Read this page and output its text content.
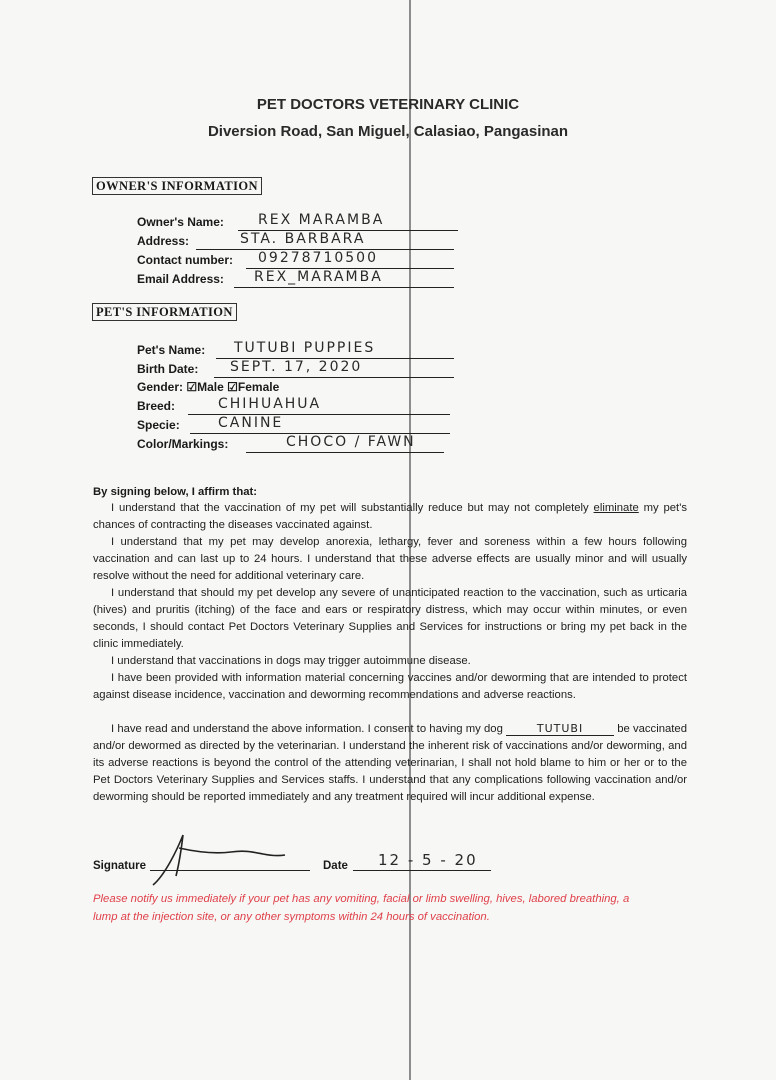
PET DOCTORS VETERINARY CLINIC
Diversion Road, San Miguel, Calasiao, Pangasinan
OWNER'S INFORMATION
Owner's Name: REX MARAMBA
Address:	STA. BARBARA
Contact number: 09278710500
Email Address: REX_MARAMBA
PET'S INFORMATION
Pet's Name: TUTUBI PUPPIES
Birth Date: SEPT. 17, 2020
Gender: ☑Male ☑Female
Breed:	CHIHUAHUA
Specie:	CANINE
Color/Markings:	CHOCO / FAWN
By signing below, I affirm that:
I understand that the vaccination of my pet will substantially reduce but may not completely eliminate my pet's chances of contracting the diseases vaccinated against.
I understand that my pet may develop anorexia, lethargy, fever and soreness within a few hours following vaccination and can last up to 24 hours. I understand that these adverse effects are usually minor and will usually resolve without the need for additional veterinary care.
I understand that should my pet develop any severe of unanticipated reaction to the vaccination, such as urticaria (hives) and pruritis (itching) of the face and ears or respiratory distress, which may occur within minutes, or even seconds, I should contact Pet Doctors Veterinary Supplies and Services for instructions or bring my pet back in the clinic immediately.
I understand that vaccinations in dogs may trigger autoimmune disease.
I have been provided with information material concerning vaccines and/or deworming that are intended to protect against disease incidence, vaccination and deworming recommendations and adverse reactions.
I have read and understand the above information. I consent to having my dog	TUTUBI	be vaccinated and/or dewormed as directed by the veterinarian. I understand the inherent risk of vaccinations and/or deworming, and its adverse reactions is beyond the control of the attending veterinarian, I shall not hold blame to him or her or to the Pet Doctors Veterinary Supplies and Services staffs. I understand that any complications following vaccination and/or deworming should be reported immediately and any treatment required will incur additional expense.
Signature	Date 12 - 5 - 20
Please notify us immediately if your pet has any vomiting, facial or limb swelling, hives, labored breathing, a lump at the injection site, or any other symptoms within 24 hours of vaccination.
